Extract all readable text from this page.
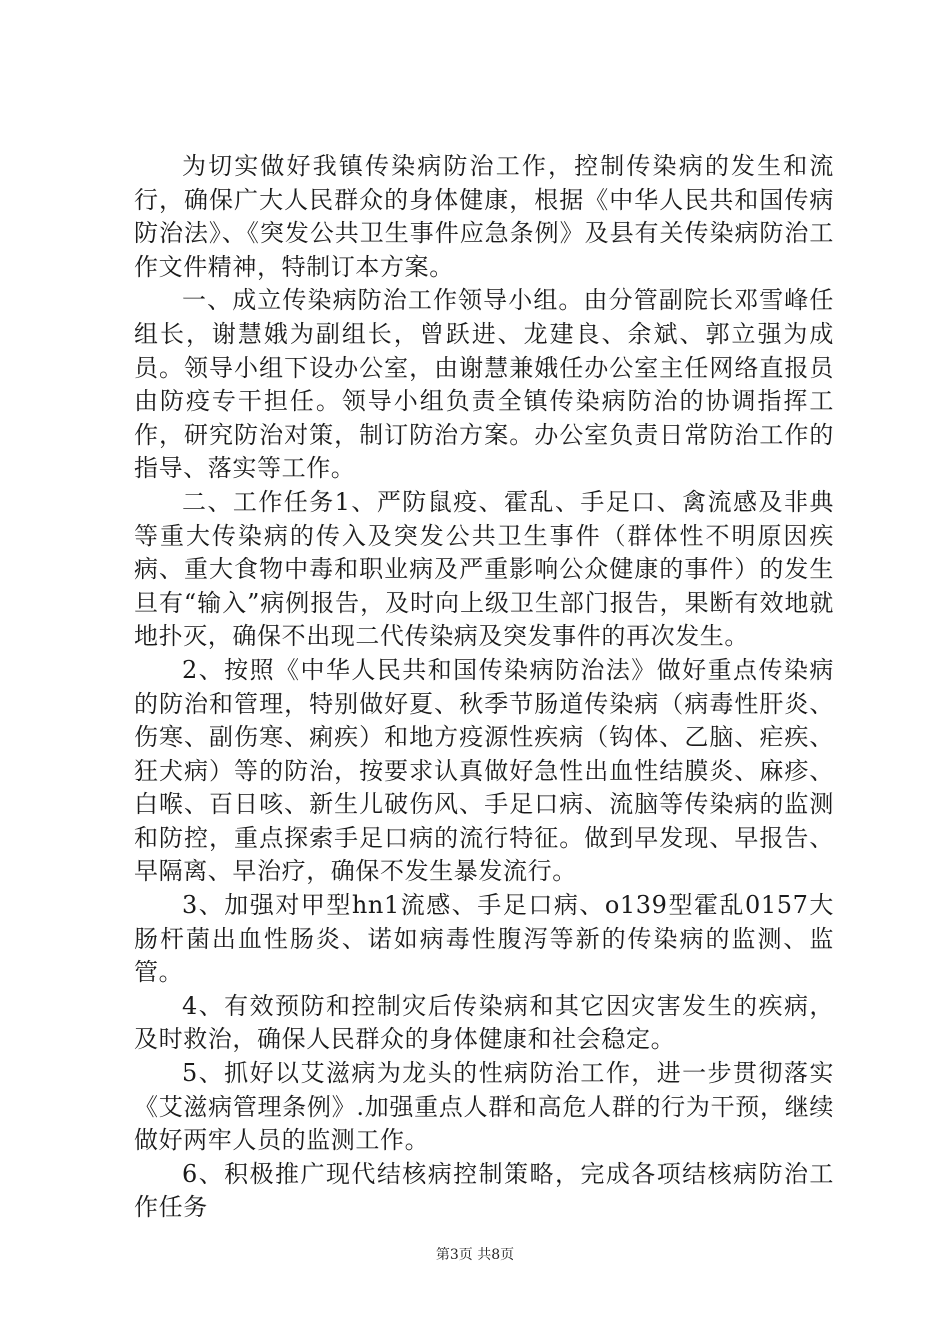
为切实做好我镇传染病防治工作，控制传染病的发生和流行，确保广大人民群众的身体健康，根据《中华人民共和国传病防治法》、《突发公共卫生事件应急条例》及县有关传染病防治工作文件精神，特制订本方案。

一、成立传染病防治工作领导小组。由分管副院长邓雪峰任组长，谢慧娥为副组长，曾跃进、龙建良、余斌、郭立强为成员。领导小组下设办公室，由谢慧兼娥任办公室主任网络直报员由防疫专干担任。领导小组负责全镇传染病防治的协调指挥工作，研究防治对策，制订防治方案。办公室负责日常防治工作的指导、落实等工作。

二、工作任务1、严防鼠疫、霍乱、手足口、禽流感及非典等重大传染病的传入及突发公共卫生事件（群体性不明原因疾病、重大食物中毒和职业病及严重影响公众健康的事件）的发生旦有“输入”病例报告，及时向上级卫生部门报告，果断有效地就地扑灭，确保不出现二代传染病及突发事件的再次发生。

2、按照《中华人民共和国传染病防治法》做好重点传染病的防治和管理，特别做好夏、秋季节肠道传染病（病毒性肝炎、伤寒、副伤寒、痢疾）和地方疫源性疾病（钩体、乙脑、疟疾、狂犬病）等的防治，按要求认真做好急性出血性结膜炎、麻疹、白喉、百日咳、新生儿破伤风、手足口病、流脑等传染病的监测和防控，重点探索手足口病的流行特征。做到早发现、早报告、早隔离、早治疗，确保不发生暴发流行。

3、加强对甲型hn1流感、手足口病、o139型霍乱0157大肠杆菌出血性肠炎、诺如病毒性腹泻等新的传染病的监测、监管。

4、有效预防和控制灾后传染病和其它因灾害发生的疾病，及时救治，确保人民群众的身体健康和社会稳定。

5、抓好以艾滋病为龙头的性病防治工作，进一步贯彻落实《艾滋病管理条例》.加强重点人群和高危人群的行为干预，继续做好两牢人员的监测工作。

6、积极推广现代结核病控制策略，完成各项结核病防治工作任务

第3页 共8页
